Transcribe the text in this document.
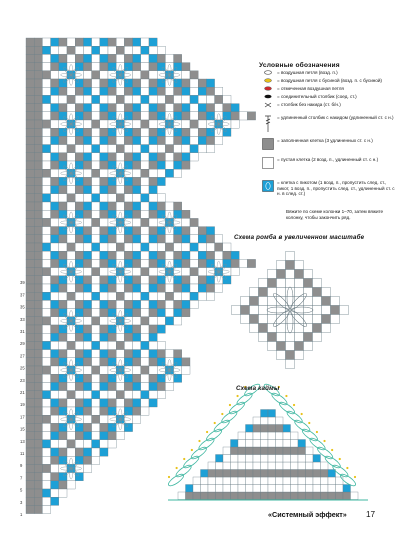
1
3
5
7
9
11
13
15
17
19
21
23
25
27
29
31
33
35
37
39
Условные обозначения
= воздушная петля (возд. п.)
= воздушная петля с бусиной (возд. п. с бусиной)
= отмеченная воздушная петля
= соединительный столбик (соед. ст.)
= столбик без накида (ст. б/н.)
= удлиненный столбик с накидом (удлиненный ст. с н.)
= заполненная клетка (3 удлиненных ст. с н.)
= пустая клетка (2 возд. п., удлиненный ст. с н.)
= клетка с пикотом (1 возд. п., пропустить след. ст., пикот, 1 возд. п., пропустить след. ст., удлиненный ст. с н. в след. ст.)
Вяжите по схеме колонки 1–70, затем вяжите колонку, чтобы закончить ряд.
Схема ромба в увеличенном масштабе
Схема каймы
«Системный эффект» 17
